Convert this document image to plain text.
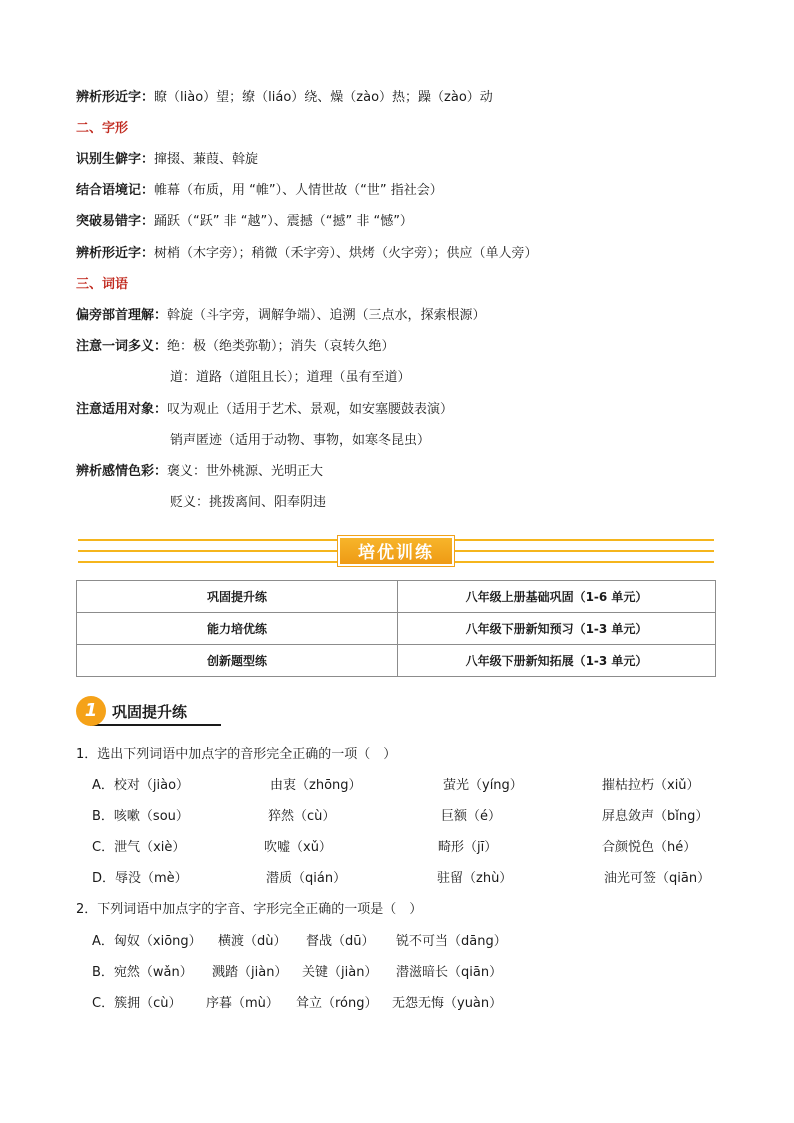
辨析形近字：瞭（liào）望；缭（liáo）绕、燥（zào）热；躁（zào）动
二、字形
识别生僻字：撺掇、蒹葭、斡旋
结合语境记：帷幕（布质，用 “帷”）、人情世故（“世” 指社会）
突破易错字：踊跃（“跃” 非 “越”）、震撼（“撼” 非 “憾”）
辨析形近字：树梢（木字旁）；稍微（禾字旁）、烘烤（火字旁）；供应（单人旁）
三、词语
偏旁部首理解：斡旋（斗字旁，调解争端）、追溯（三点水，探索根源）
注意一词多义：绝：极（绝类弥勒）；消失（哀转久绝）
道：道路（道阻且长）；道理（虽有至道）
注意适用对象：叹为观止（适用于艺术、景观，如安塞腰鼓表演）
销声匿迹（适用于动物、事物，如寒冬昆虫）
辨析感情色彩：褒义：世外桃源、光明正大
贬义：挑拨离间、阳奉阴违
培优训练
巩固提升练	八年级上册基础巩固（1-6 单元）
能力培优练	八年级下册新知预习（1-3 单元）
创新题型练	八年级下册新知拓展（1-3 单元）
1 巩固提升练
1．选出下列词语中加点字的音形完全正确的一项（　）
A．校对（jiào）	由衷（zhōng）	萤光（yíng）	摧枯拉朽（xiǔ）
B．咳嗽（sou）	猝然（cù）	巨额（é）	屏息敛声（bǐng）
C．泄气（xiè）	吹嘘（xǔ）	畸形（jī）	合颜悦色（hé）
D．辱没（mè）	潜质（qián）	驻留（zhù）	油光可签（qiān）
2．下列词语中加点字的字音、字形完全正确的一项是（　）
A．匈奴（xiōng） 横渡（dù） 督战（dū） 锐不可当（dāng）
B．宛然（wǎn） 溅踏（jiàn） 关键（jiàn） 潜滋暗长（qiān）
C．簇拥（cù） 序暮（mù） 耸立（róng） 无怨无悔（yuàn）
